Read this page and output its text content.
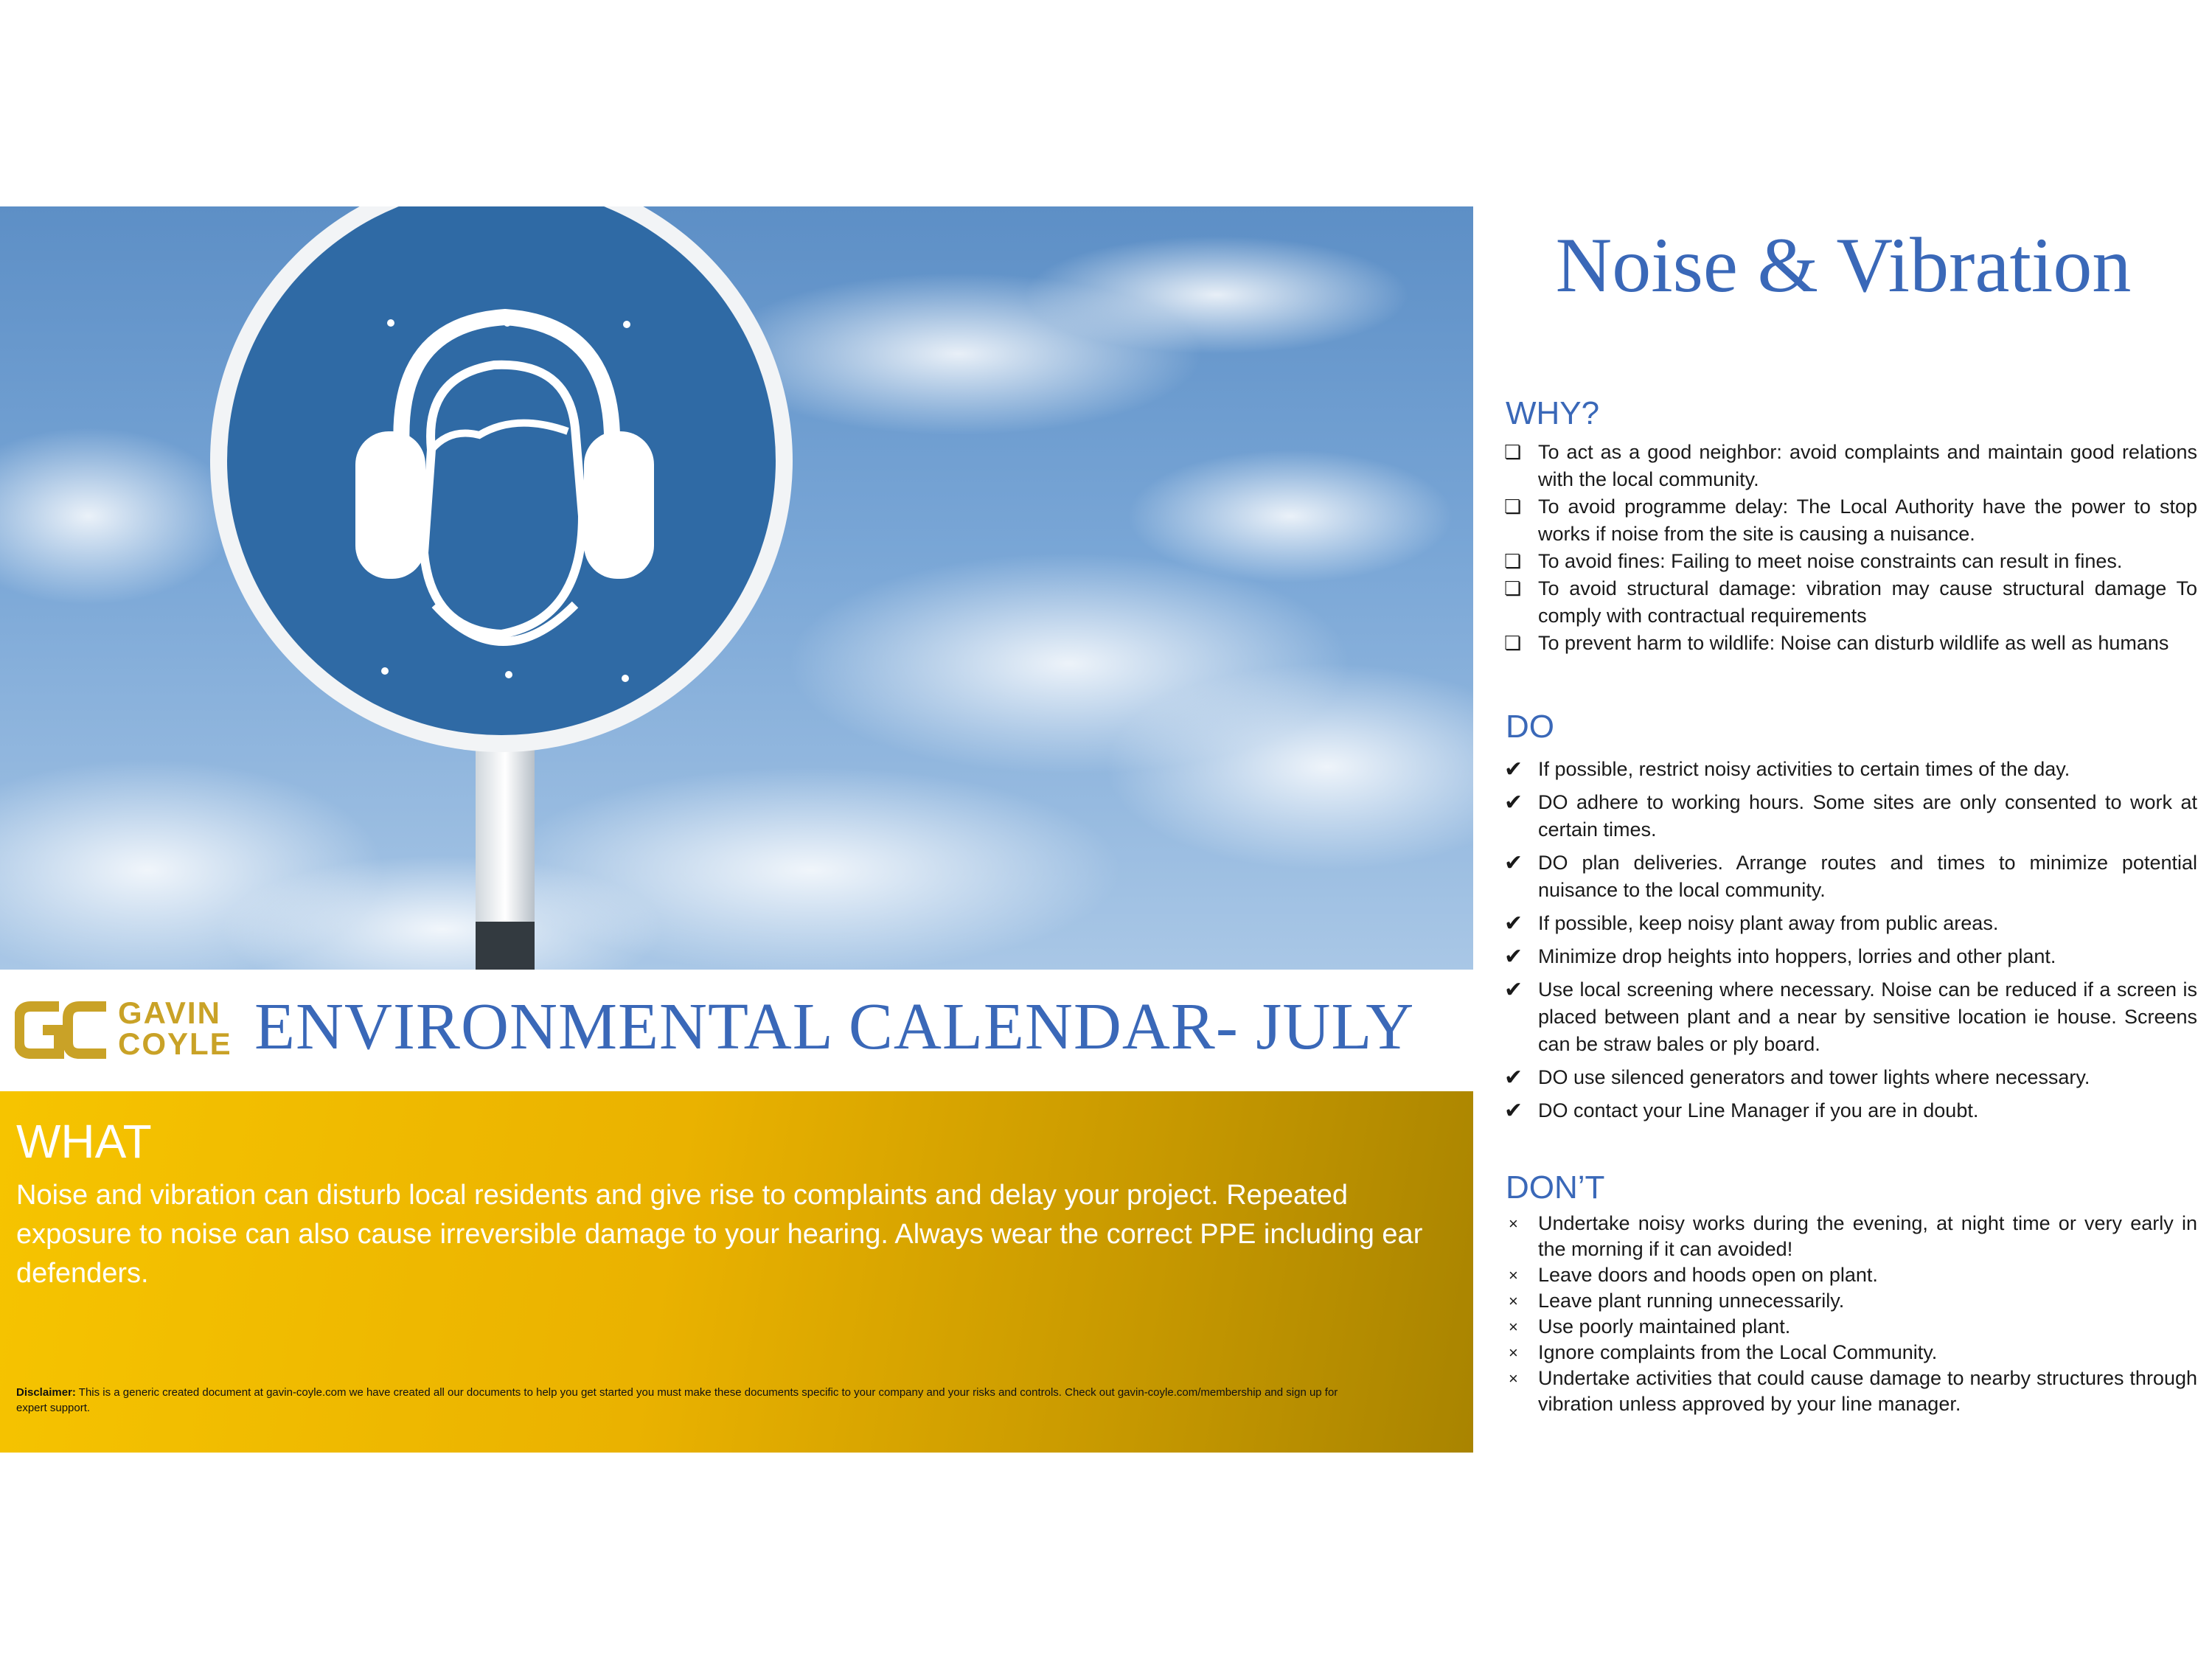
GAVIN
COYLE ENVIRONMENTAL CALENDAR- JULY
WHAT
Noise and vibration can disturb local residents and give rise to complaints and delay your project. Repeated exposure to noise can also cause irreversible damage to your hearing. Always wear the correct PPE including ear defenders.
Disclaimer: This is a generic created document at gavin-coyle.com we have created all our documents to help you get started you must make these documents specific to your company and your risks and controls. Check out gavin-coyle.com/membership and sign up for expert support.
Noise & Vibration
WHY?
❏ To act as a good neighbor: avoid complaints and maintain good relations with the local community.
❏ To avoid programme delay: The Local Authority have the power to stop works if noise from the site is causing a nuisance.
❏ To avoid fines: Failing to meet noise constraints can result in fines.
❏ To avoid structural damage: vibration may cause structural damage To comply with contractual requirements
❏ To prevent harm to wildlife: Noise can disturb wildlife as well as humans
DO
✔ If possible, restrict noisy activities to certain times of the day.
✔ DO adhere to working hours. Some sites are only consented to work at certain times.
✔ DO plan deliveries. Arrange routes and times to minimize potential nuisance to the local community.
✔ If possible, keep noisy plant away from public areas.
✔ Minimize drop heights into hoppers, lorries and other plant.
✔ Use local screening where necessary. Noise can be reduced if a screen is placed between plant and a near by sensitive location ie house. Screens can be straw bales or ply board.
✔ DO use silenced generators and tower lights where necessary.
✔ DO contact your Line Manager if you are in doubt.
DON’T
×	Undertake noisy works during the evening, at night time or very early in the morning if it can avoided!
×	Leave doors and hoods open on plant.
×	Leave plant running unnecessarily.
×	Use poorly maintained plant.
×	Ignore complaints from the Local Community.
×	Undertake activities that could cause damage to nearby structures through vibration unless approved by your line manager.
